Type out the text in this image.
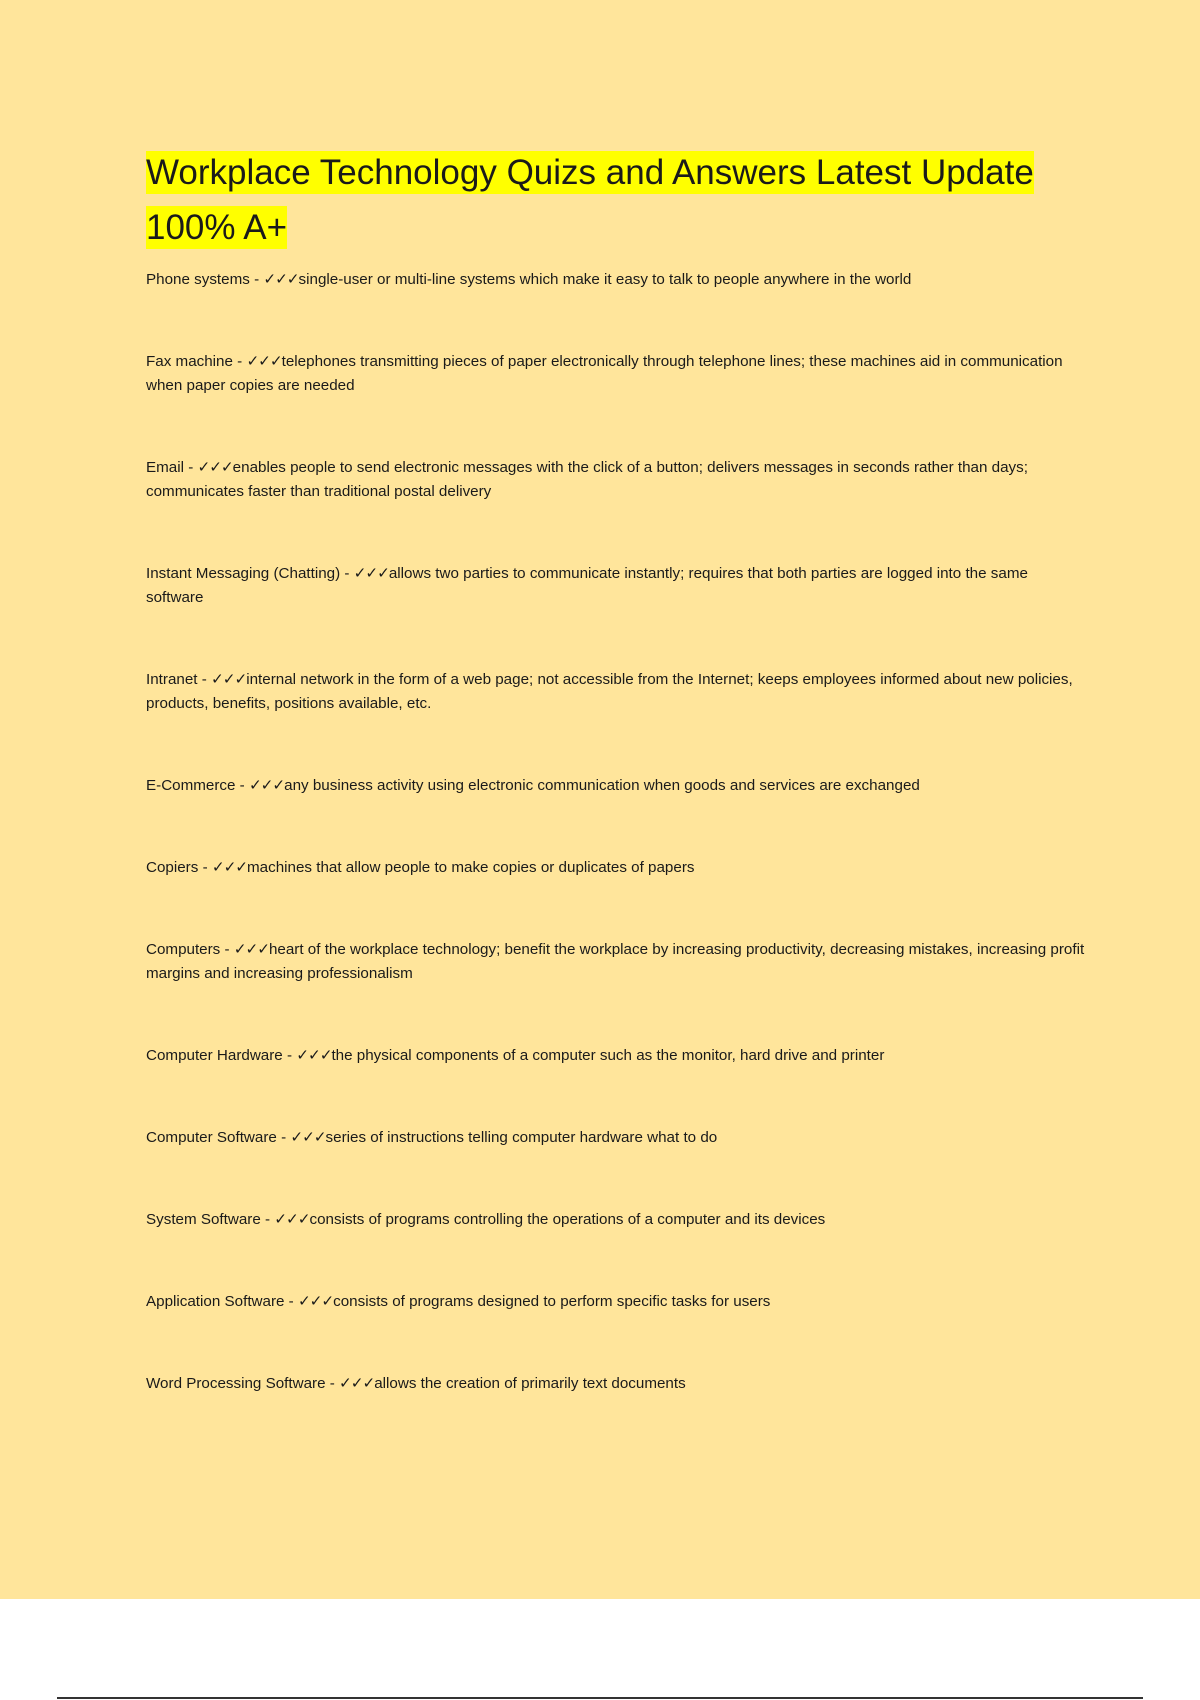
Workplace Technology Quizs and Answers Latest Update 100% A+

Phone systems - ✓✓✓single-user or multi-line systems which make it easy to talk to people anywhere in the world

Fax machine - ✓✓✓telephones transmitting pieces of paper electronically through telephone lines; these machines aid in communication when paper copies are needed

Email - ✓✓✓enables people to send electronic messages with the click of a button; delivers messages in seconds rather than days; communicates faster than traditional postal delivery

Instant Messaging (Chatting) - ✓✓✓allows two parties to communicate instantly; requires that both parties are logged into the same software

Intranet - ✓✓✓internal network in the form of a web page; not accessible from the Internet; keeps employees informed about new policies, products, benefits, positions available, etc.

E-Commerce - ✓✓✓any business activity using electronic communication when goods and services are exchanged

Copiers - ✓✓✓machines that allow people to make copies or duplicates of papers

Computers - ✓✓✓heart of the workplace technology; benefit the workplace by increasing productivity, decreasing mistakes, increasing profit margins and increasing professionalism

Computer Hardware - ✓✓✓the physical components of a computer such as the monitor, hard drive and printer

Computer Software - ✓✓✓series of instructions telling computer hardware what to do

System Software - ✓✓✓consists of programs controlling the operations of a computer and its devices

Application Software - ✓✓✓consists of programs designed to perform specific tasks for users

Word Processing Software - ✓✓✓allows the creation of primarily text documents
